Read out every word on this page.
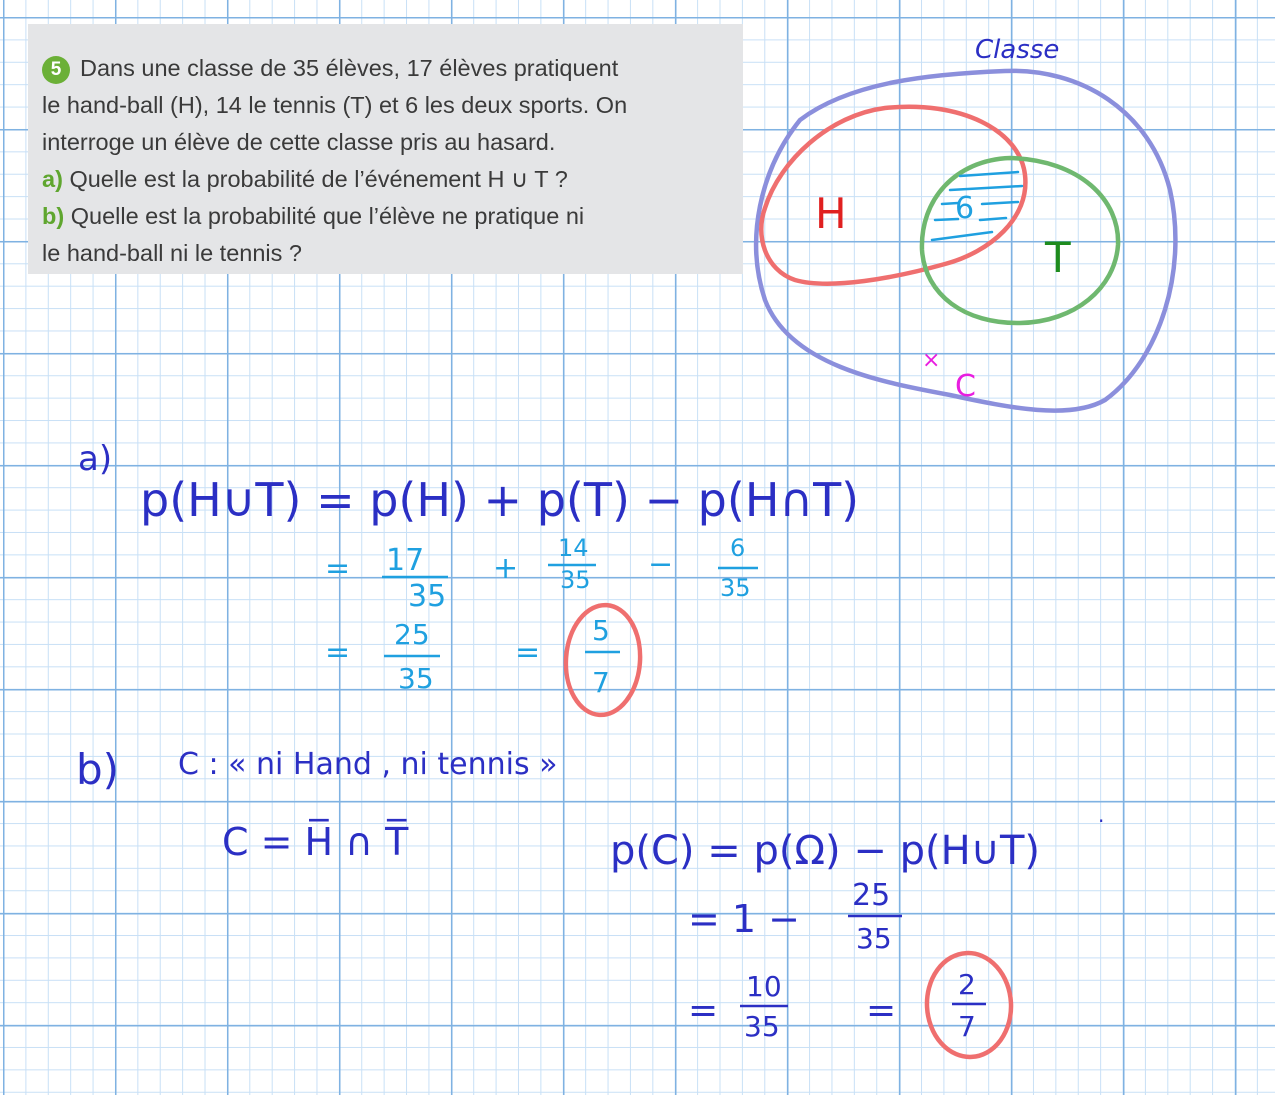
5 Dans une classe de 35 élèves, 17 élèves pratiquent
le hand-ball (H), 14 le tennis (T) et 6 les deux sports. On
interroge un élève de cette classe pris au hasard.
a) Quelle est la probabilité de l’événement H ∪ T ?
b) Quelle est la probabilité que l’élève ne pratique ni
le hand-ball ni le tennis ?
Classe
H
T
6
×
C
a)
p(H∪T) = p(H) + p(T) − p(H∩T)
= 17
35
+
14
35 − 6
35
=
25
35
=
5
7
b) C : « ni Hand , ni tennis »
C = H̅ ∩ T̅	p(C) = p(Ω) − p(H∪T)
.
= 1 −
25
35
=
10
35 =
2
7
